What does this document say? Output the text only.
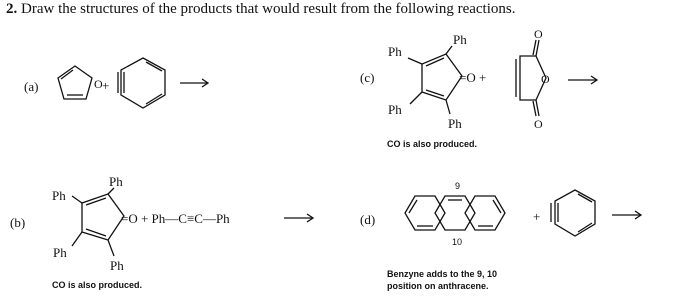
2. Draw the structures of the products that would result from the following reactions.
(a)	O +
(b)
Ph
Ph
Ph
Ph
=O + Ph—C≡C—Ph
CO is also produced.
(c)
Ph
Ph
Ph
Ph
=O +
O
O
O
CO is also produced.
(d)
9
10
+
Benzyne adds to the 9, 10
position on anthracene.
